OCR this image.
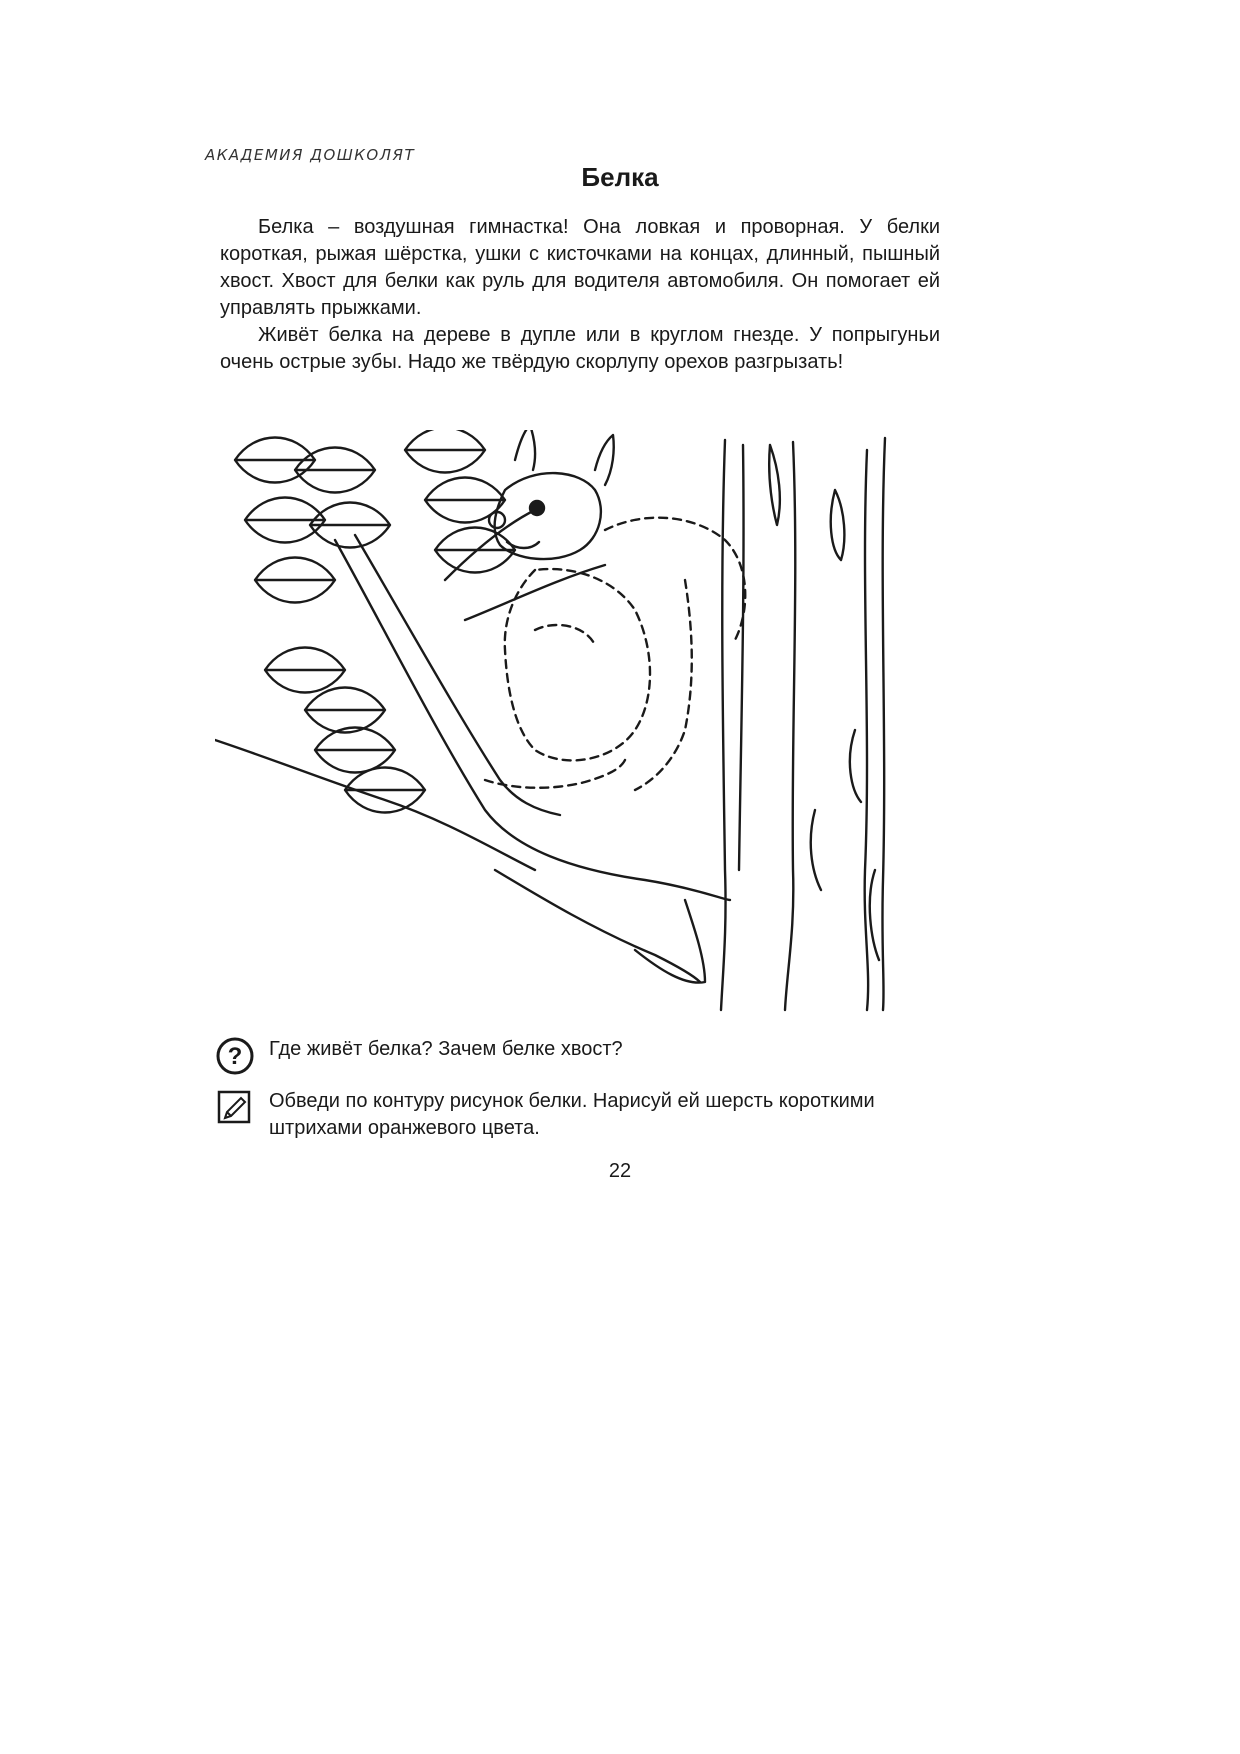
АКАДЕМИЯ ДОШКОЛЯТ
Белка

Белка – воздушная гимнастка! Она ловкая и проворная. У белки короткая, рыжая шёрстка, ушки с кисточками на концах, длинный, пышный хвост. Хвост для белки как руль для водителя автомобиля. Он помогает ей управлять прыжками.

Живёт белка на дереве в дупле или в круглом гнезде. У попрыгуньи очень острые зубы. Надо же твёрдую скорлупу орехов разгрызать!

? Где живёт белка? Зачем белке хвост?
Обведи по контуру рисунок белки. Нарисуй ей шерсть короткими штрихами оранжевого цвета.
22
